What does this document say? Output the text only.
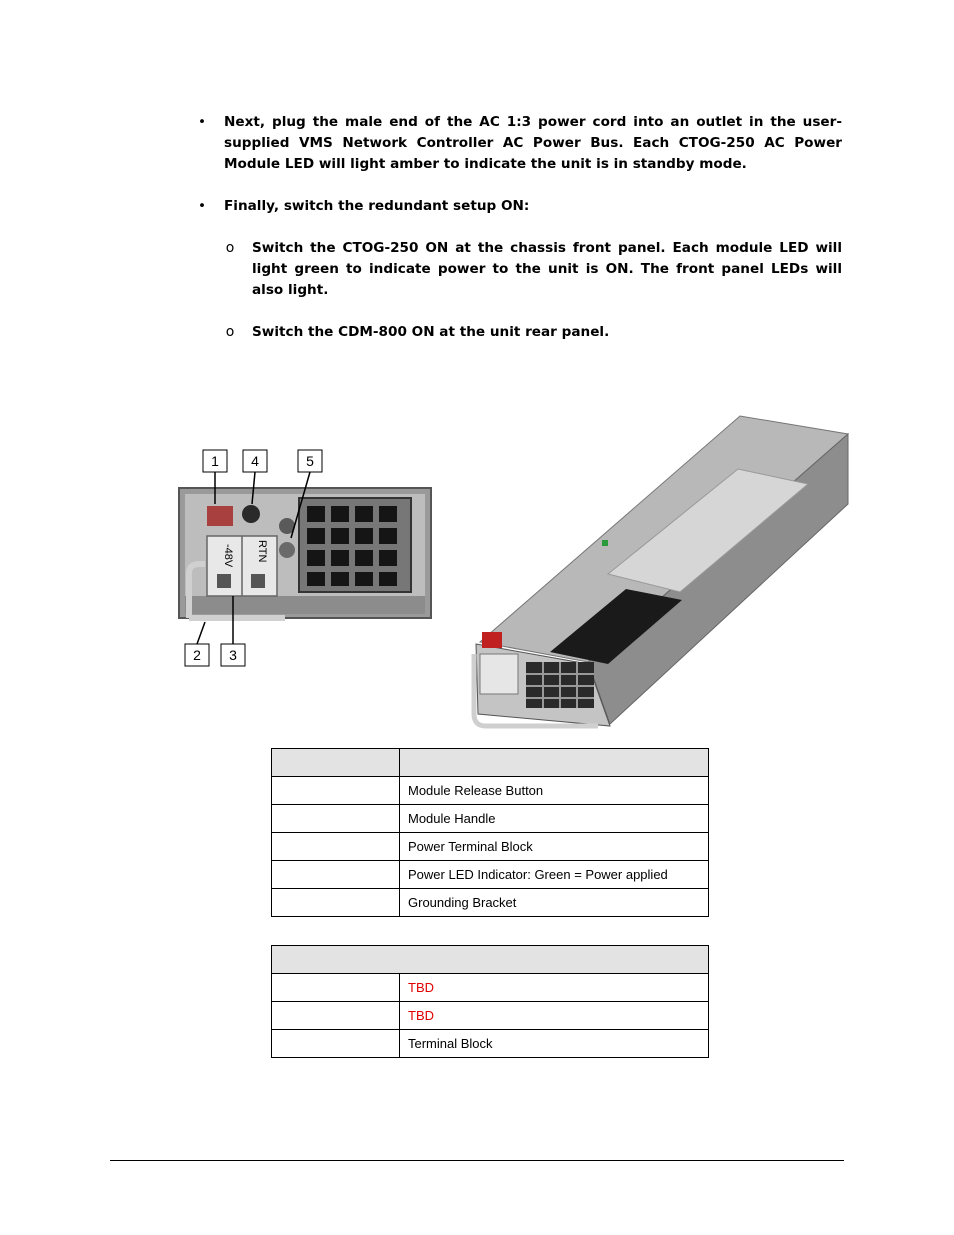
• Next, plug the male end of the AC 1:3 power cord into an outlet in the user-supplied VMS Network Controller AC Power Bus. Each CTOG-250 AC Power Module LED will light amber to indicate the unit is in standby mode.
• Finally, switch the redundant setup ON:
o Switch the CTOG-250 ON at the chassis front panel. Each module LED will light green to indicate power to the unit is ON. The front panel LEDs will also light.
o Switch the CDM-800 ON at the unit rear panel.
-48V RTN
1 4	5
2 3

	Module Release Button
	Module Handle
	Power Terminal Block
	Power LED Indicator: Green = Power applied
	Grounding Bracket

	TBD
	TBD
	Terminal Block
